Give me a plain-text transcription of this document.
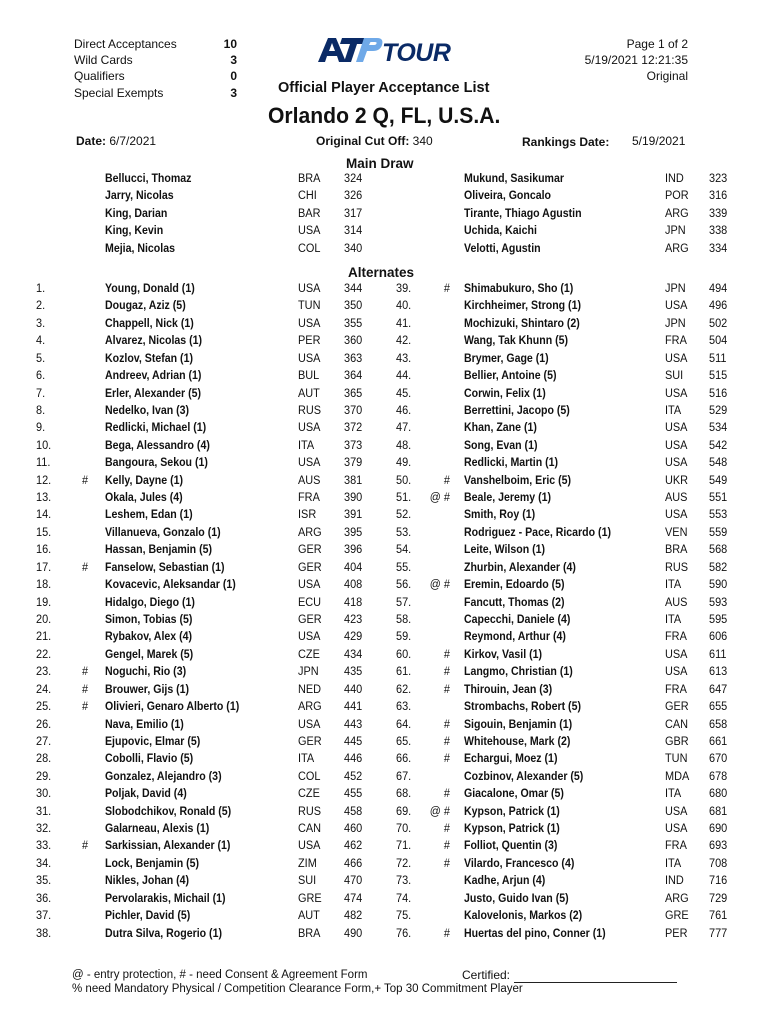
Direct Acceptances	10
Wild Cards	3
Qualifiers	0
Special Exempts	3
TOUR
Official Player Acceptance List
Page 1 of 2
5/19/2021 12:21:35
Original
Orlando 2 Q, FL, U.S.A.
Date: 6/7/2021	Original Cut Off: 340	Rankings Date: 5/19/2021
Main Draw
Bellucci, Thomaz	BRA 324
Jarry, Nicolas	CHI 326
King, Darian	BAR 317
King, Kevin	USA 314
Mejia, Nicolas	COL 340
Mukund, Sasikumar	IND 323
Oliveira, Goncalo	POR 316
Tirante, Thiago Agustin	ARG 339
Uchida, Kaichi	JPN 338
Velotti, Agustin	ARG 334
Alternates
1.	Young, Donald (1)	USA 344
2.	Dougaz, Aziz (5)	TUN 350
3.	Chappell, Nick (1)	USA 355
4.	Alvarez, Nicolas (1)	PER 360
5.	Kozlov, Stefan (1)	USA 363
6.	Andreev, Adrian (1)	BUL 364
7.	Erler, Alexander (5)	AUT 365
8.	Nedelko, Ivan (3)	RUS 370
9.	Redlicki, Michael (1)	USA 372
10.	Bega, Alessandro (4)	ITA	373
11.	Bangoura, Sekou (1)	USA 379
12.	# Kelly, Dayne (1)	AUS 381
13.	Okala, Jules (4)	FRA 390
14.	Leshem, Edan (1)	ISR 391
15.	Villanueva, Gonzalo (1)	ARG 395
16.	Hassan, Benjamin (5)	GER 396
17.	# Fanselow, Sebastian (1)	GER 404
18.	Kovacevic, Aleksandar (1)	USA 408
19.	Hidalgo, Diego (1)	ECU 418
20.	Simon, Tobias (5)	GER 423
21.	Rybakov, Alex (4)	USA 429
22.	Gengel, Marek (5)	CZE 434
23.	# Noguchi, Rio (3)	JPN 435
24.	# Brouwer, Gijs (1)	NED 440
25.	# Olivieri, Genaro Alberto (1)	ARG 441
26.	Nava, Emilio (1)	USA 443
27.	Ejupovic, Elmar (5)	GER 445
28.	Cobolli, Flavio (5)	ITA	446
29.	Gonzalez, Alejandro (3)	COL 452
30.	Poljak, David (4)	CZE 455
31.	Slobodchikov, Ronald (5)	RUS 458
32.	Galarneau, Alexis (1)	CAN 460
33.	# Sarkissian, Alexander (1)	USA 462
34.	Lock, Benjamin (5)	ZIM 466
35.	Nikles, Johan (4)	SUI 470
36.	Pervolarakis, Michail (1)	GRE 474
37.	Pichler, David (5)	AUT 482
38.	Dutra Silva, Rogerio (1)	BRA 490
39.	# Shimabukuro, Sho (1)	JPN 494
40.	Kirchheimer, Strong (1)	USA 496
41.	Mochizuki, Shintaro (2)	JPN 502
42.	Wang, Tak Khunn (5)	FRA 504
43.	Brymer, Gage (1)	USA 511
44.	Bellier, Antoine (5)	SUI 515
45.	Corwin, Felix (1)	USA 516
46.	Berrettini, Jacopo (5)	ITA 529
47.	Khan, Zane (1)	USA 534
48.	Song, Evan (1)	USA 542
49.	Redlicki, Martin (1)	USA 548
50.	# Vanshelboim, Eric (5)	UKR 549
51.	@ # Beale, Jeremy (1)	AUS 551
52.	Smith, Roy (1)	USA 553
53.	Rodriguez - Pace, Ricardo (1)	VEN 559
54.	Leite, Wilson (1)	BRA 568
55.	Zhurbin, Alexander (4)	RUS 582
56.	@ # Eremin, Edoardo (5)	ITA 590
57.	Fancutt, Thomas (2)	AUS 593
58.	Capecchi, Daniele (4)	ITA 595
59.	Reymond, Arthur (4)	FRA 606
60.	# Kirkov, Vasil (1)	USA 611
61.	# Langmo, Christian (1)	USA 613
62.	# Thirouin, Jean (3)	FRA 647
63.	Strombachs, Robert (5)	GER 655
64.	# Sigouin, Benjamin (1)	CAN 658
65.	# Whitehouse, Mark (2)	GBR 661
66.	# Echargui, Moez (1)	TUN 670
67.	Cozbinov, Alexander (5)	MDA 678
68.	# Giacalone, Omar (5)	ITA 680
69.	@ # Kypson, Patrick (1)	USA 681
70.	# Kypson, Patrick (1)	USA 690
71.	# Folliot, Quentin (3)	FRA 693
72.	# Vilardo, Francesco (4)	ITA 708
73.	Kadhe, Arjun (4)	IND 716
74.	Justo, Guido Ivan (5)	ARG 729
75.	Kalovelonis, Markos (2)	GRE 761
76.	# Huertas del pino, Conner (1)	PER 777
@ - entry protection, # - need Consent & Agreement Form	Certified:
% need Mandatory Physical / Competition Clearance Form,+ Top 30 Commitment Player
